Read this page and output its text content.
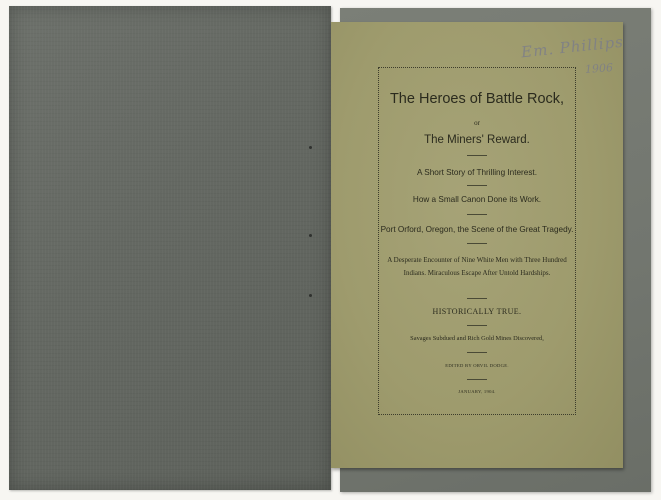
Em. Phillips
1906
The Heroes of Battle Rock,
or
The Miners' Reward.
A Short Story of Thrilling Interest.
How a Small Canon Done its Work.
Port Orford, Oregon, the Scene of the Great Tragedy.
A Desperate Encounter of Nine White Men with Three Hundred Indians. Miraculous Escape After Untold Hardships.
HISTORICALLY TRUE.
Savages Subdued and Rich Gold Mines Discovered,
EDITED BY ORVIL DODGE.
JANUARY, 1904.
